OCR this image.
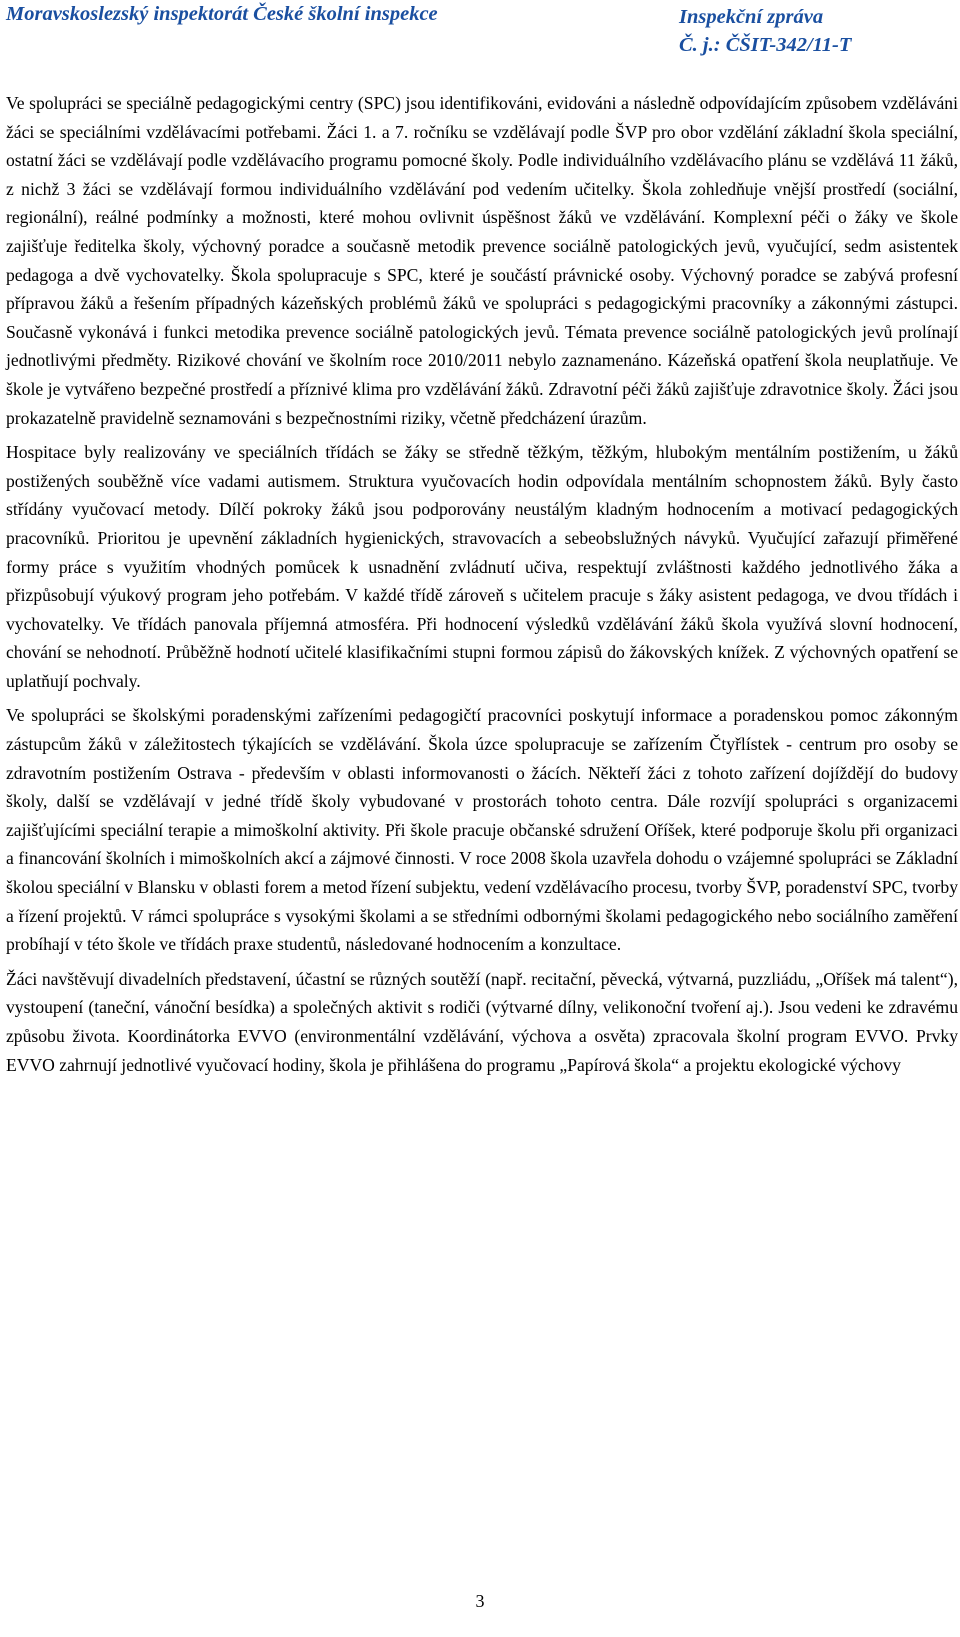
Moravskoslezský inspektorát České školní inspekce	Inspekční zpráva
Č. j.: ČŠIT-342/11-T

Ve spolupráci se speciálně pedagogickými centry (SPC) jsou identifikováni, evidováni a následně odpovídajícím způsobem vzděláváni žáci se speciálními vzdělávacími potřebami. Žáci 1. a 7. ročníku se vzdělávají podle ŠVP pro obor vzdělání základní škola speciální, ostatní žáci se vzdělávají podle vzdělávacího programu pomocné školy. Podle individuálního vzdělávacího plánu se vzdělává 11 žáků, z nichž 3 žáci se vzdělávají formou individuálního vzdělávání pod vedením učitelky. Škola zohledňuje vnější prostředí (sociální, regionální), reálné podmínky a možnosti, které mohou ovlivnit úspěšnost žáků ve vzdělávání. Komplexní péči o žáky ve škole zajišťuje ředitelka školy, výchovný poradce a současně metodik prevence sociálně patologických jevů, vyučující, sedm asistentek pedagoga a dvě vychovatelky. Škola spolupracuje s SPC, které je součástí právnické osoby. Výchovný poradce se zabývá profesní přípravou žáků a řešením případných kázeňských problémů žáků ve spolupráci s pedagogickými pracovníky a zákonnými zástupci. Současně vykonává i funkci metodika prevence sociálně patologických jevů. Témata prevence sociálně patologických jevů prolínají jednotlivými předměty. Rizikové chování ve školním roce 2010/2011 nebylo zaznamenáno. Kázeňská opatření škola neuplatňuje. Ve škole je vytvářeno bezpečné prostředí a příznivé klima pro vzdělávání žáků. Zdravotní péči žáků zajišťuje zdravotnice školy. Žáci jsou prokazatelně pravidelně seznamováni s bezpečnostními riziky, včetně předcházení úrazům.

Hospitace byly realizovány ve speciálních třídách se žáky se středně těžkým, těžkým, hlubokým mentálním postižením, u žáků postižených souběžně více vadami autismem. Struktura vyučovacích hodin odpovídala mentálním schopnostem žáků. Byly často střídány vyučovací metody. Dílčí pokroky žáků jsou podporovány neustálým kladným hodnocením a motivací pedagogických pracovníků. Prioritou je upevnění základních hygienických, stravovacích a sebeobslužných návyků. Vyučující zařazují přiměřené formy práce s využitím vhodných pomůcek k usnadnění zvládnutí učiva, respektují zvláštnosti každého jednotlivého žáka a přizpůsobují výukový program jeho potřebám. V každé třídě zároveň s učitelem pracuje s žáky asistent pedagoga, ve dvou třídách i vychovatelky. Ve třídách panovala příjemná atmosféra. Při hodnocení výsledků vzdělávání žáků škola využívá slovní hodnocení, chování se nehodnotí. Průběžně hodnotí učitelé klasifikačními stupni formou zápisů do žákovských knížek. Z výchovných opatření se uplatňují pochvaly.

Ve spolupráci se školskými poradenskými zařízeními pedagogičtí pracovníci poskytují informace a poradenskou pomoc zákonným zástupcům žáků v záležitostech týkajících se vzdělávání. Škola úzce spolupracuje se zařízením Čtyřlístek - centrum pro osoby se zdravotním postižením Ostrava - především v oblasti informovanosti o žácích. Někteří žáci z tohoto zařízení dojíždějí do budovy školy, další se vzdělávají v jedné třídě školy vybudované v prostorách tohoto centra. Dále rozvíjí spolupráci s organizacemi zajišťujícími speciální terapie a mimoškolní aktivity. Při škole pracuje občanské sdružení Oříšek, které podporuje školu při organizaci a financování školních i mimoškolních akcí a zájmové činnosti. V roce 2008 škola uzavřela dohodu o vzájemné spolupráci se Základní školou speciální v Blansku v oblasti forem a metod řízení subjektu, vedení vzdělávacího procesu, tvorby ŠVP, poradenství SPC, tvorby a řízení projektů. V rámci spolupráce s vysokými školami a se středními odbornými školami pedagogického nebo sociálního zaměření probíhají v této škole ve třídách praxe studentů, následované hodnocením a konzultace.

Žáci navštěvují divadelních představení, účastní se různých soutěží (např. recitační, pěvecká, výtvarná, puzzliádu, „Oříšek má talent“), vystoupení (taneční, vánoční besídka) a společných aktivit s rodiči (výtvarné dílny, velikonoční tvoření aj.). Jsou vedeni ke zdravému způsobu života. Koordinátorka EVVO (environmentální vzdělávání, výchova a osvěta) zpracovala školní program EVVO. Prvky EVVO zahrnují jednotlivé vyučovací hodiny, škola je přihlášena do programu „Papírová škola“ a projektu ekologické výchovy

3
